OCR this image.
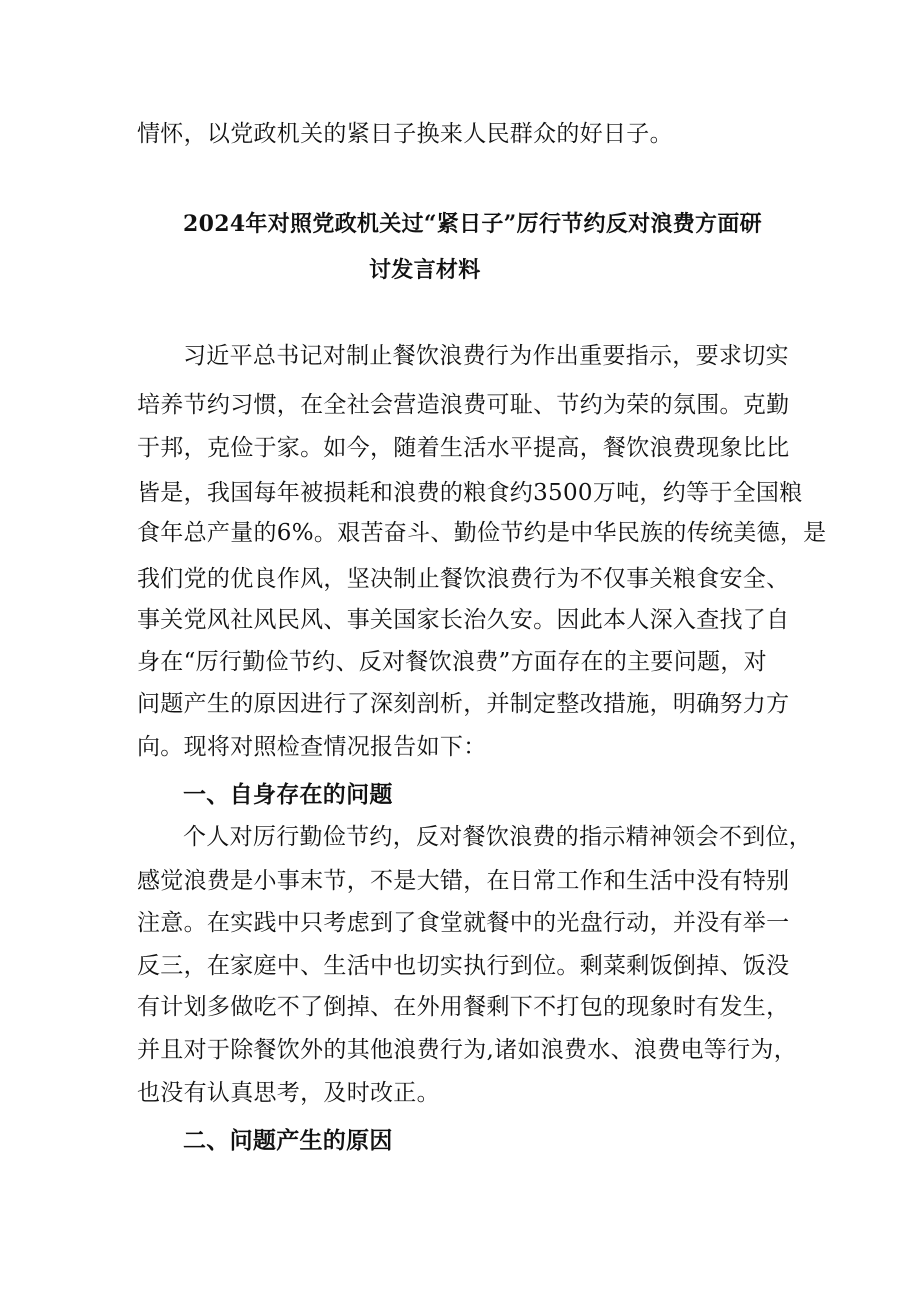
情怀，以党政机关的紧日子换来人民群众的好日子。
2024年对照党政机关过“紧日子”厉行节约反对浪费方面研
讨发言材料
习近平总书记对制止餐饮浪费行为作出重要指示，要求切实
培养节约习惯，在全社会营造浪费可耻、节约为荣的氛围。克勤
于邦，克俭于家。如今，随着生活水平提高，餐饮浪费现象比比
皆是，我国每年被损耗和浪费的粮食约3500万吨，约等于全国粮
食年总产量的6%。艰苦奋斗、勤俭节约是中华民族的传统美德，是
我们党的优良作风，坚决制止餐饮浪费行为不仅事关粮食安全、
事关党风社风民风、事关国家长治久安。因此本人深入查找了自
身在“厉行勤俭节约、反对餐饮浪费”方面存在的主要问题，对
问题产生的原因进行了深刻剖析，并制定整改措施，明确努力方
向。现将对照检查情况报告如下：
一、自身存在的问题
个人对厉行勤俭节约，反对餐饮浪费的指示精神领会不到位，
感觉浪费是小事末节，不是大错，在日常工作和生活中没有特别
注意。在实践中只考虑到了食堂就餐中的光盘行动，并没有举一
反三，在家庭中、生活中也切实执行到位。剩菜剩饭倒掉、饭没
有计划多做吃不了倒掉、在外用餐剩下不打包的现象时有发生，
并且对于除餐饮外的其他浪费行为,诸如浪费水、浪费电等行为，
也没有认真思考，及时改正。
二、问题产生的原因
